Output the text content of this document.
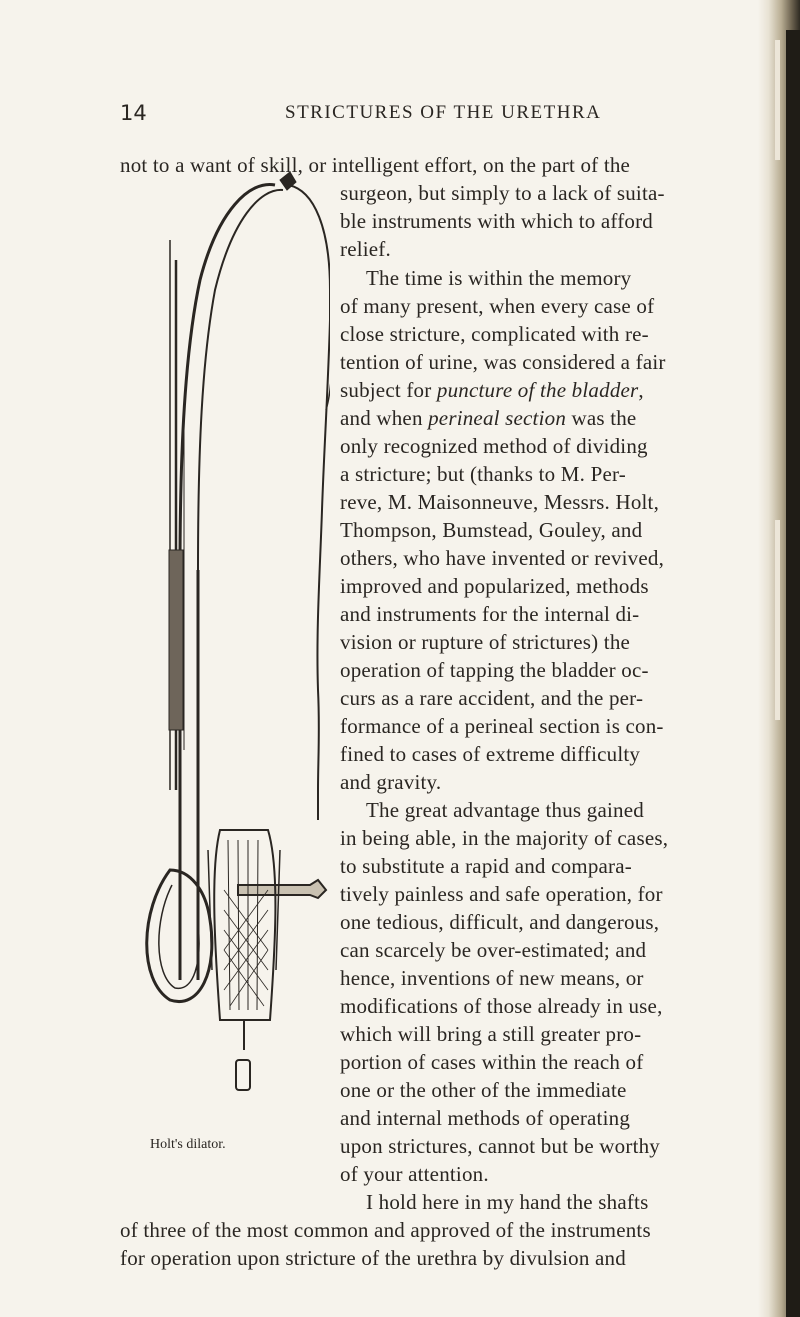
14	STRICTURES OF THE URETHRA
Holt's dilator.
not to a want of skill, or intelligent effort, on the part of the
surgeon, but simply to a lack of suita-
ble instruments with which to afford
relief.
The time is within the memory
of many present, when every case of
close stricture, complicated with re-
tention of urine, was considered a fair
subject for puncture of the bladder,
and when perineal section was the
only recognized method of dividing
a stricture; but (thanks to M. Per-
reve, M. Maisonneuve, Messrs. Holt,
Thompson, Bumstead, Gouley, and
others, who have invented or revived,
improved and popularized, methods
and instruments for the internal di-
vision or rupture of strictures) the
operation of tapping the bladder oc-
curs as a rare accident, and the per-
formance of a perineal section is con-
fined to cases of extreme difficulty
and gravity.
The great advantage thus gained
in being able, in the majority of cases,
to substitute a rapid and compara-
tively painless and safe operation, for
one tedious, difficult, and dangerous,
can scarcely be over-estimated; and
hence, inventions of new means, or
modifications of those already in use,
which will bring a still greater pro-
portion of cases within the reach of
one or the other of the immediate
and internal methods of operating
upon strictures, cannot but be worthy
of your attention.
I hold here in my hand the shafts
of three of the most common and approved of the instruments
for operation upon stricture of the urethra by divulsion and
